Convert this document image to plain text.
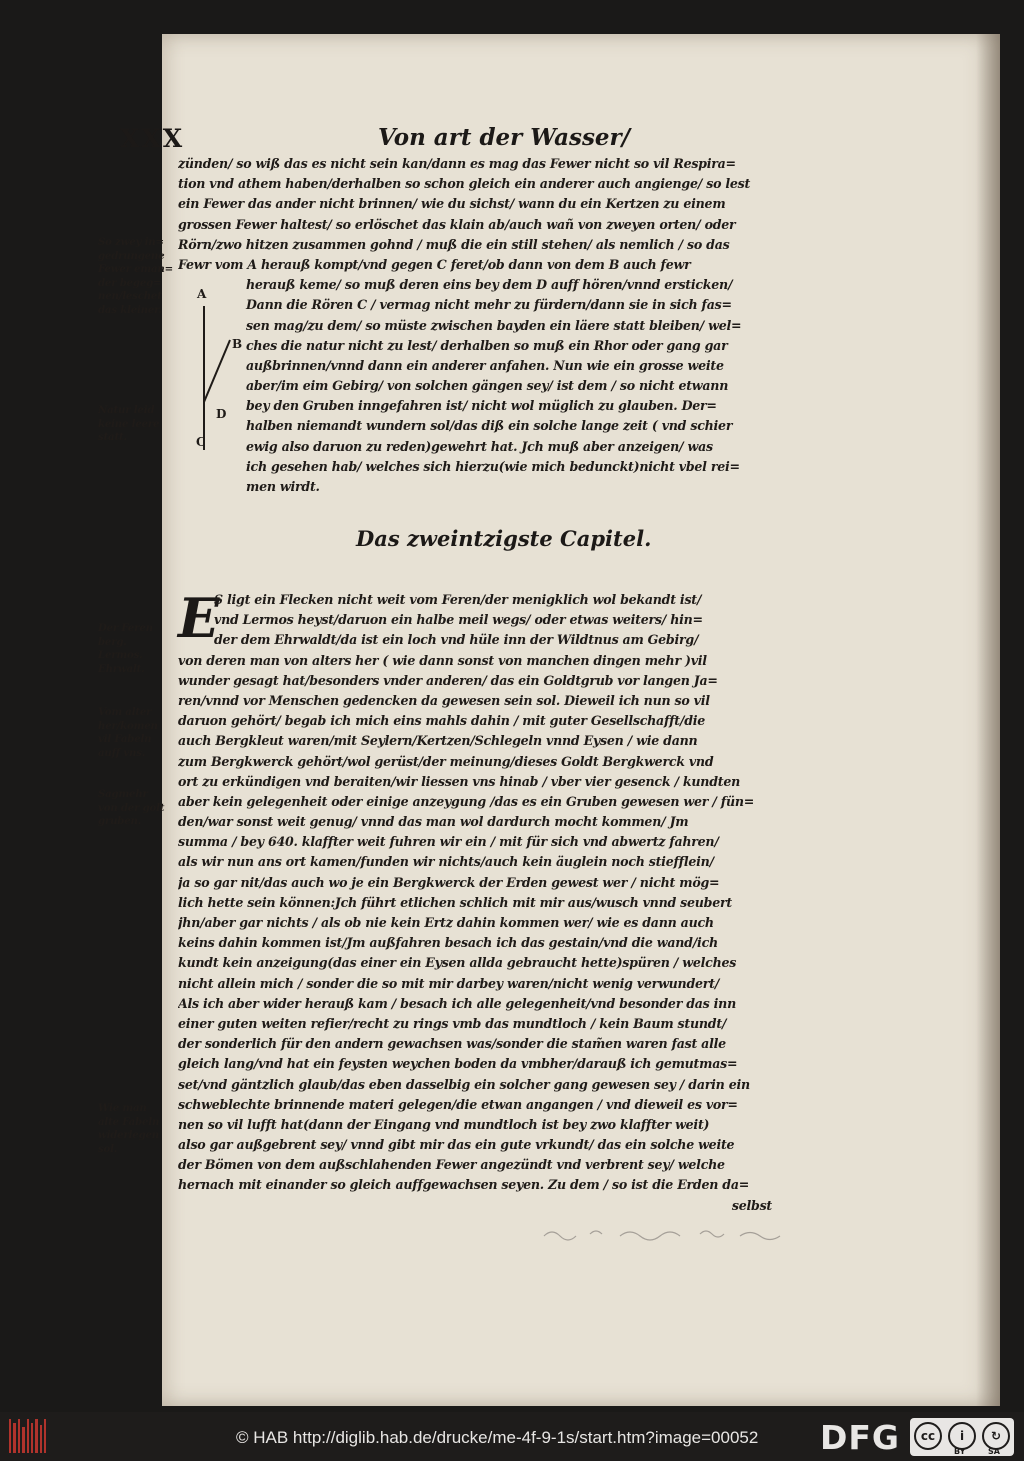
XXX	Von art der Wasser/
So zwey in=
gedrungene
Fewer eman=
der begeg=
nen/leschet
das kleiner.
Natur leid
keine leere
statt.
Der Feren
berg.
Lermos.
Ehrwalt.
Vom alter
her/komen
vil Fabeln
auff vns.
Sagmehr
von der golt
gruben.
Wie man
alte Fabeln
widerlegen
sol.
A
B
C
D
zünden/ so wiß das es nicht sein kan/dann es mag das Fewer nicht so vil Respira=
tion vnd athem haben/derhalben so schon gleich ein anderer auch angienge/ so lest
ein Fewer das ander nicht brinnen/ wie du sichst/ wann du ein Kertzen zu einem
grossen Fewer haltest/ so erlöschet das klain ab/auch wañ von zweyen orten/ oder
Rörn/zwo hitzen zusammen gohnd / muß die ein still stehen/ als nemlich / so das
Fewr vom A herauß kompt/vnd gegen C feret/ob dann von dem B auch fewr
herauß keme/ so muß deren eins bey dem D auff hören/vnnd ersticken/
Dann die Rören C / vermag nicht mehr zu fürdern/dann sie in sich fas=
sen mag/zu dem/ so müste zwischen bayden ein läere statt bleiben/ wel=
ches die natur nicht zu lest/ derhalben so muß ein Rhor oder gang gar
außbrinnen/vnnd dann ein anderer anfahen. Nun wie ein grosse weite
aber/im eim Gebirg/ von solchen gängen sey/ ist dem / so nicht etwann
bey den Gruben inngefahren ist/ nicht wol müglich zu glauben. Der=
halben niemandt wundern sol/das diß ein solche lange zeit ( vnd schier
ewig also daruon zu reden)gewehrt hat. Jch muß aber anzeigen/ was
ich gesehen hab/ welches sich hierzu(wie mich bedunckt)nicht vbel rei=
men wirdt.
Das zweintzigste Capitel.
E
S ligt ein Flecken nicht weit vom Feren/der menigklich wol bekandt ist/
vnd Lermos heyst/daruon ein halbe meil wegs/ oder etwas weiters/ hin=
der dem Ehrwaldt/da ist ein loch vnd hüle inn der Wildtnus am Gebirg/
von deren man von alters her ( wie dann sonst von manchen dingen mehr )vil
wunder gesagt hat/besonders vnder anderen/ das ein Goldtgrub vor langen Ja=
ren/vnnd vor Menschen gedencken da gewesen sein sol. Dieweil ich nun so vil
daruon gehört/ begab ich mich eins mahls dahin / mit guter Gesellschafft/die
auch Bergkleut waren/mit Seylern/Kertzen/Schlegeln vnnd Eysen / wie dann
zum Bergkwerck gehört/wol gerüst/der meinung/dieses Goldt Bergkwerck vnd
ort zu erkündigen vnd beraiten/wir liessen vns hinab / vber vier gesenck / kundten
aber kein gelegenheit oder einige anzeygung /das es ein Gruben gewesen wer / fün=
den/war sonst weit genug/ vnnd das man wol dardurch mocht kommen/ Jm
summa / bey 640. klaffter weit fuhren wir ein / mit für sich vnd abwertz fahren/
als wir nun ans ort kamen/funden wir nichts/auch kein äuglein noch stiefflein/
ja so gar nit/das auch wo je ein Bergkwerck der Erden gewest wer / nicht mög=
lich hette sein können:Jch führt etlichen schlich mit mir aus/wusch vnnd seubert
jhn/aber gar nichts / als ob nie kein Ertz dahin kommen wer/ wie es dann auch
keins dahin kommen ist/Jm außfahren besach ich das gestain/vnd die wand/ich
kundt kein anzeigung(das einer ein Eysen allda gebraucht hette)spüren / welches
nicht allein mich / sonder die so mit mir darbey waren/nicht wenig verwundert/
Als ich aber wider herauß kam / besach ich alle gelegenheit/vnd besonder das inn
einer guten weiten refier/recht zu rings vmb das mundtloch / kein Baum stundt/
der sonderlich für den andern gewachsen was/sonder die stam̃en waren fast alle
gleich lang/vnd hat ein feysten weychen boden da vmbher/darauß ich gemutmas=
set/vnd gäntzlich glaub/das eben dasselbig ein solcher gang gewesen sey / darin ein
schweblechte brinnende materi gelegen/die etwan angangen / vnd dieweil es vor=
nen so vil lufft hat(dann der Eingang vnd mundtloch ist bey zwo klaffter weit)
also gar außgebrent sey/ vnnd gibt mir das ein gute vrkundt/ das ein solche weite
der Bömen von dem außschlahenden Fewer angezündt vnd verbrent sey/ welche
hernach mit einander so gleich auffgewachsen seyen. Zu dem / so ist die Erden da=
selbst
© HAB http://diglib.hab.de/drucke/me-4f-9-1s/start.htm?image=00052	DFG	cc	i	↻
BY	SA
